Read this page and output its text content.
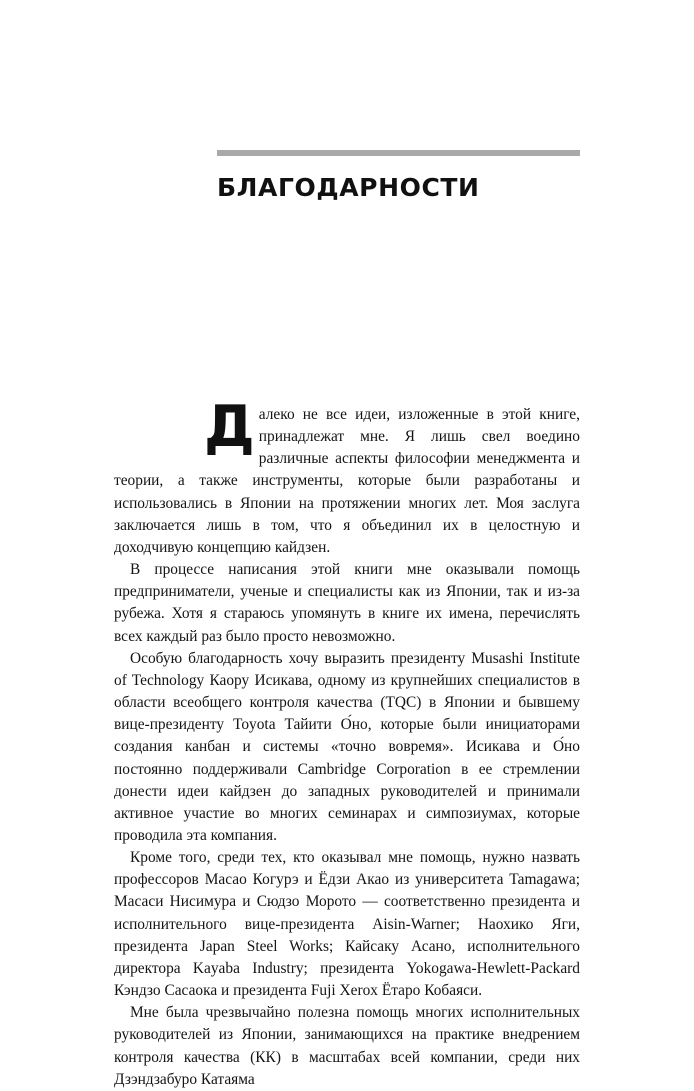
БЛАГОДАРНОСТИ

Далеко не все идеи, изложенные в этой книге, принадлежат мне. Я лишь свел воедино различные аспекты философии менеджмента и теории, а также инструменты, которые были разработаны и использовались в Японии на протяжении многих лет. Моя заслуга заключается лишь в том, что я объединил их в целостную и доходчивую концепцию кайдзен.

В процессе написания этой книги мне оказывали помощь предприниматели, ученые и специалисты как из Японии, так и из-за рубежа. Хотя я стараюсь упомянуть в книге их имена, перечислять всех каждый раз было просто невозможно.

Особую благодарность хочу выразить президенту Musashi Institute of Technology Каору Исикава, одному из крупнейших специалистов в области всеобщего контроля качества (TQC) в Японии и бывшему вице-президенту Toyota Тайити О́но, которые были инициаторами создания канбан и системы «точно вовремя». Исикава и О́но постоянно поддерживали Cambridge Corporation в ее стремлении донести идеи кайдзен до западных руководителей и принимали активное участие во многих семинарах и симпозиумах, которые проводила эта компания.

Кроме того, среди тех, кто оказывал мне помощь, нужно назвать профессоров Масао Когурэ и Ёдзи Акао из университета Tamagawa; Масаси Нисимура и Сюдзо Морото — соответственно президента и исполнительного вице-президента Aisin-Warner; Наохико Яги, президента Japan Steel Works; Кайсаку Асано, исполнительного директора Kayaba Industry; президента Yokogawa-Hewlett-Packard Кэндзо Сасаока и президента Fuji Xerox Ётаро Кобаяси.

Мне была чрезвычайно полезна помощь многих исполнительных руководителей из Японии, занимающихся на практике внедрением контроля качества (КК) в масштабах всей компании, среди них Дзэндзабуро Катаяма
